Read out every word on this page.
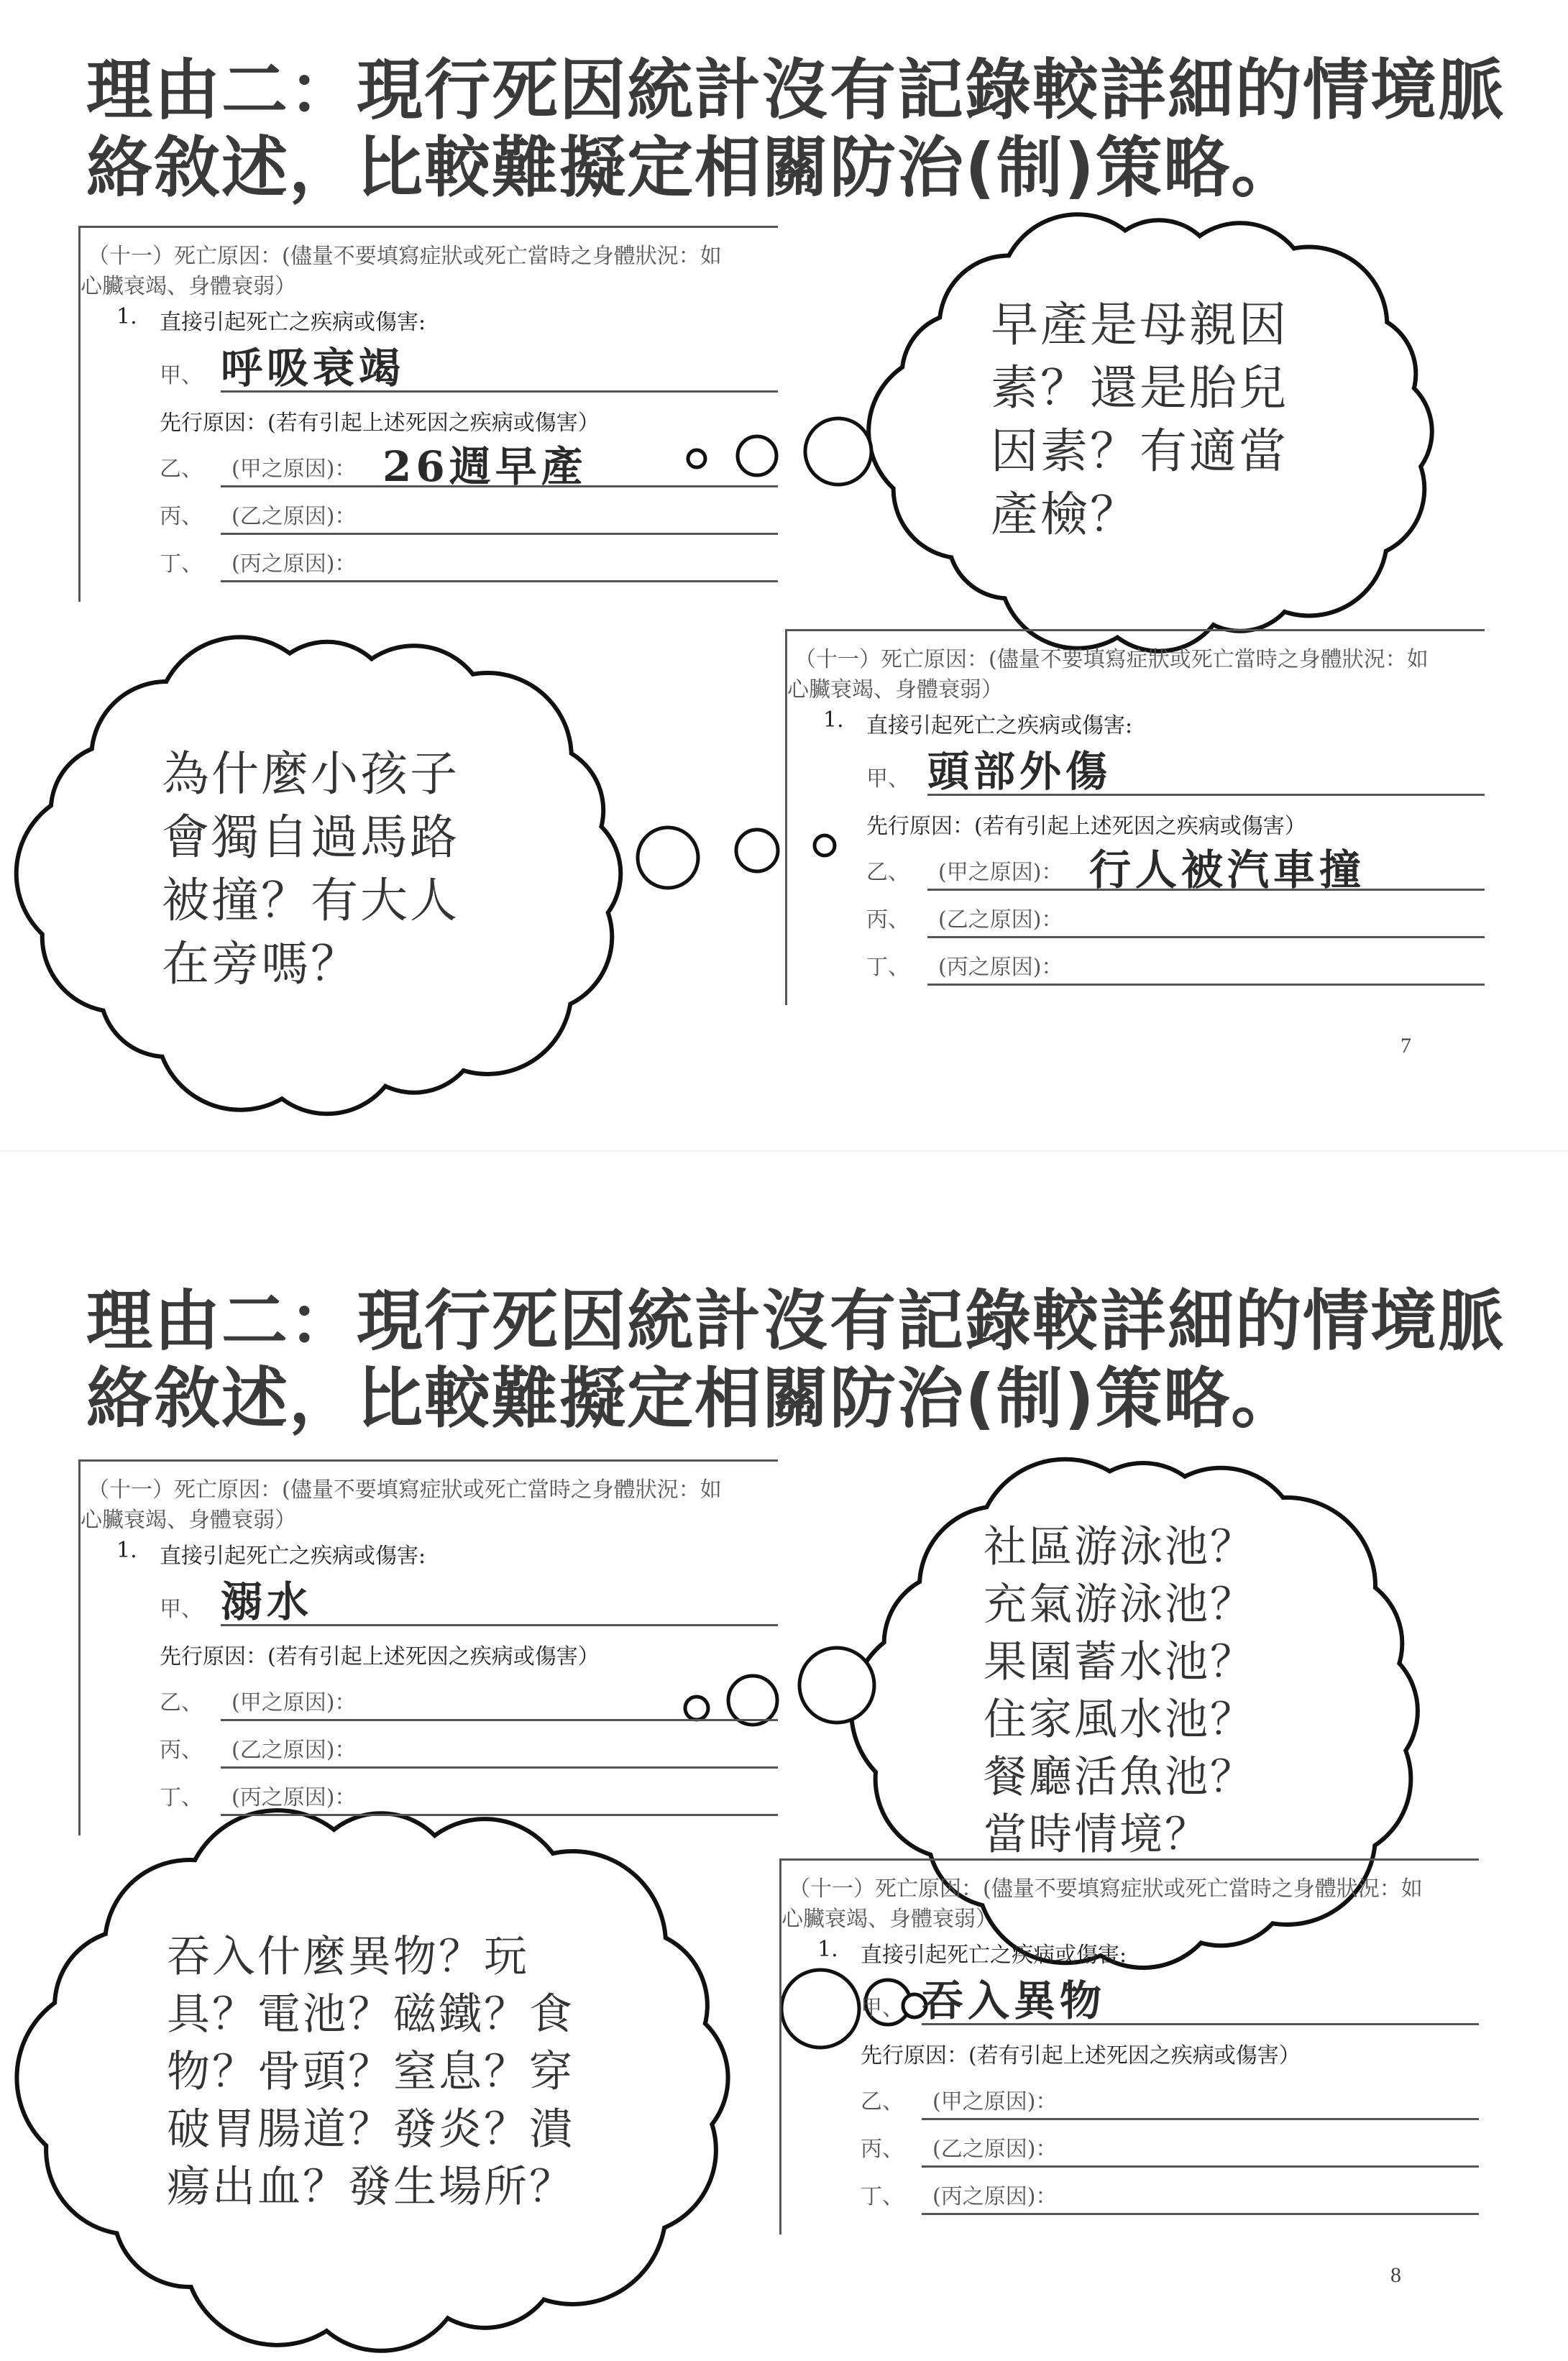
理由二：現行死因統計沒有記錄較詳細的情境脈
絡敘述，比較難擬定相關防治(制)策略。
7
理由二：現行死因統計沒有記錄較詳細的情境脈
絡敘述，比較難擬定相關防治(制)策略。
8
（十一）死亡原因：(儘量不要填寫症狀或死亡當時之身體狀況：如
心臟衰竭、身體衰弱）
1. 直接引起死亡之疾病或傷害:
甲、 呼吸衰竭
先行原因：(若有引起上述死因之疾病或傷害）
乙、 (甲之原因)： 26週早產
丙、 (乙之原因)：
丁、 (丙之原因)：
（十一）死亡原因：(儘量不要填寫症狀或死亡當時之身體狀況：如
心臟衰竭、身體衰弱）
1. 直接引起死亡之疾病或傷害:
甲、 頭部外傷
先行原因：(若有引起上述死因之疾病或傷害）
乙、 (甲之原因)： 行人被汽車撞
丙、 (乙之原因)：
丁、 (丙之原因)：
（十一）死亡原因：(儘量不要填寫症狀或死亡當時之身體狀況：如
心臟衰竭、身體衰弱）
1. 直接引起死亡之疾病或傷害:
甲、 溺水
先行原因：(若有引起上述死因之疾病或傷害）
乙、 (甲之原因)：
丙、 (乙之原因)：
丁、 (丙之原因)：
（十一）死亡原因：(儘量不要填寫症狀或死亡當時之身體狀況：如
心臟衰竭、身體衰弱）
1. 直接引起死亡之疾病或傷害:
甲、 吞入異物
先行原因：(若有引起上述死因之疾病或傷害）
乙、 (甲之原因)：
丙、 (乙之原因)：
丁、 (丙之原因)：
早產是母親因
素？還是胎兒
因素？有適當
產檢？
為什麼小孩子
會獨自過馬路
被撞？有大人
在旁嗎？
社區游泳池？
充氣游泳池？
果園蓄水池？
住家風水池？
餐廳活魚池？
當時情境？
吞入什麼異物？玩
具？電池？磁鐵？食
物？骨頭？窒息？穿
破胃腸道？發炎？潰
瘍出血？發生場所？
